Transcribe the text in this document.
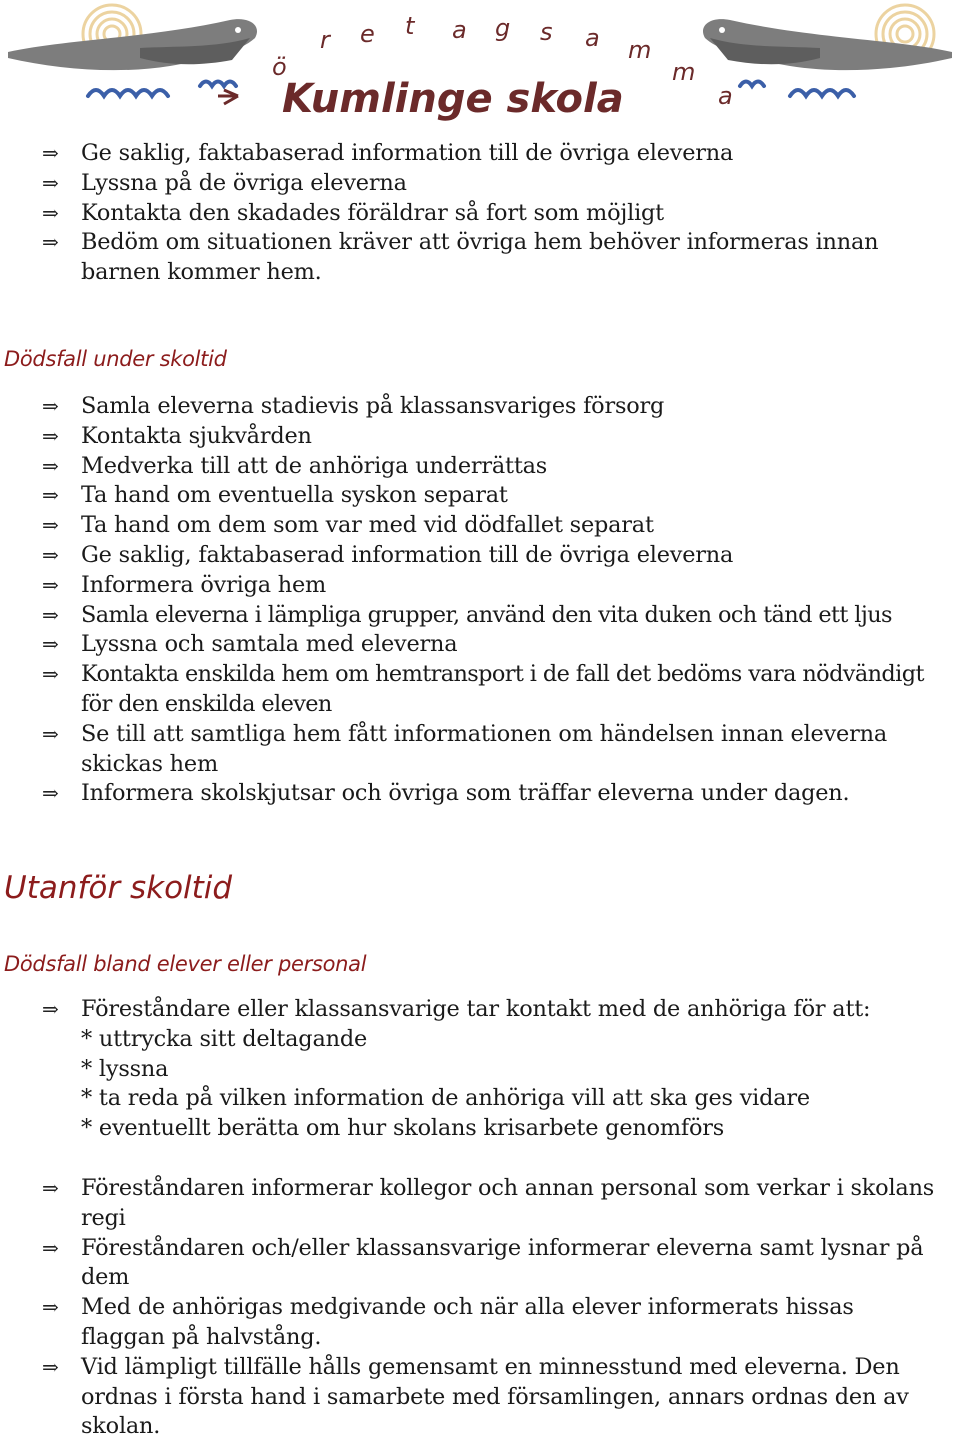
ö
r e t a g s a m
m
a
Kumlinge skola
⇒	Ge saklig, faktabaserad information till de övriga eleverna
⇒	Lyssna på de övriga eleverna
⇒	Kontakta den skadades föräldrar så fort som möjligt
⇒	Bedöm om situationen kräver att övriga hem behöver informeras innan barnen kommer hem.
Dödsfall under skoltid
⇒	Samla eleverna stadievis på klassansvariges försorg
⇒	Kontakta sjukvården
⇒	Medverka till att de anhöriga underrättas
⇒	Ta hand om eventuella syskon separat
⇒	Ta hand om dem som var med vid dödfallet separat
⇒	Ge saklig, faktabaserad information till de övriga eleverna
⇒	Informera övriga hem
⇒	Samla eleverna i lämpliga grupper, använd den vita duken och tänd ett ljus
⇒	Lyssna och samtala med eleverna
⇒	Kontakta enskilda hem om hemtransport i de fall det bedöms vara nödvändigt för den enskilda eleven
⇒	Se till att samtliga hem fått informationen om händelsen innan eleverna skickas hem
⇒	Informera skolskjutsar och övriga som träffar eleverna under dagen.
Utanför skoltid
Dödsfall bland elever eller personal
⇒	Föreståndare eller klassansvarige tar kontakt med de anhöriga för att:
* uttrycka sitt deltagande
* lyssna
* ta reda på vilken information de anhöriga vill att ska ges vidare
* eventuellt berätta om hur skolans krisarbete genomförs
⇒	Föreståndaren informerar kollegor och annan personal som verkar i skolans regi
⇒	Föreståndaren och/eller klassansvarige informerar eleverna samt lysnar på dem
⇒	Med de anhörigas medgivande och när alla elever informerats hissas flaggan på halvstång.
⇒	Vid lämpligt tillfälle hålls gemensamt en minnesstund med eleverna. Den ordnas i första hand i samarbete med församlingen, annars ordnas den av skolan.
